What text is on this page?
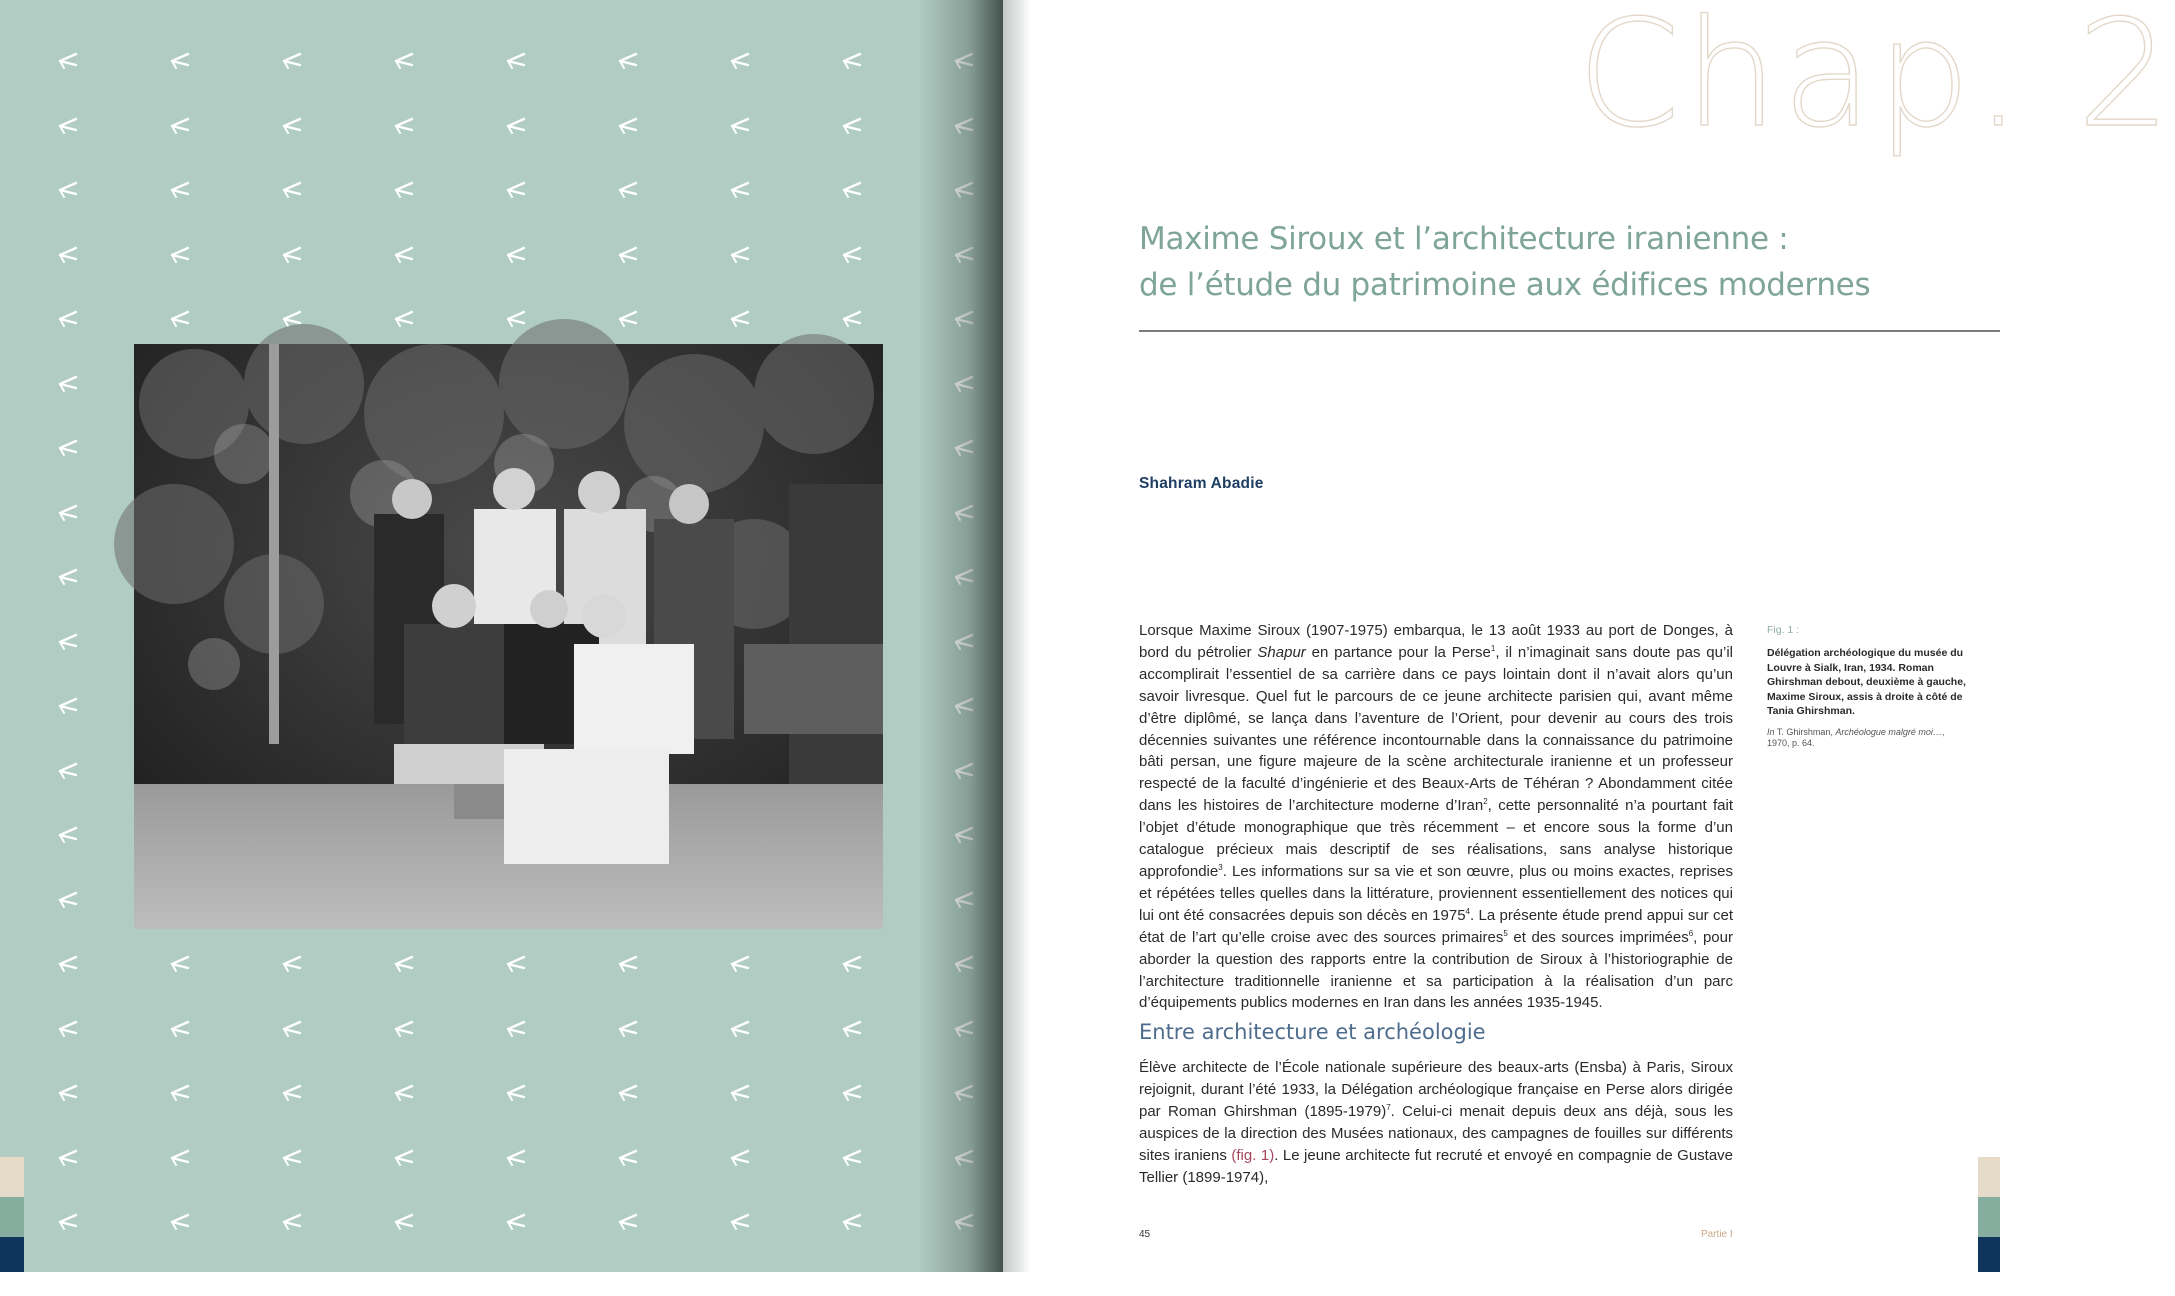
Chap. 2
Maxime Siroux et l’architecture iranienne :
de l’étude du patrimoine aux édifices modernes
Shahram Abadie

Lorsque Maxime Siroux (1907-1975) embarqua, le 13 août 1933 au port de Donges, à bord du pétrolier Shapur en partance pour la Perse$^1$, il n’imaginait sans doute pas qu’il accomplirait l’essentiel de sa carrière dans ce pays lointain dont il n’avait alors qu’un savoir livresque. Quel fut le parcours de ce jeune architecte parisien qui, avant même d’être diplômé, se lança dans l’aventure de l’Orient, pour devenir au cours des trois décennies suivantes une référence incontournable dans la connaissance du patrimoine bâti persan, une figure majeure de la scène architecturale iranienne et un professeur respecté de la faculté d’ingénierie et des Beaux-Arts de Téhéran ? Abondamment citée dans les histoires de l’architecture moderne d’Iran$^2$, cette personnalité n’a pourtant fait l’objet d’étude monographique que très récemment – et encore sous la forme d’un catalogue précieux mais descriptif de ses réalisations, sans analyse historique approfondie$^3$. Les informations sur sa vie et son œuvre, plus ou moins exactes, reprises et répétées telles quelles dans la littérature, proviennent essentiellement des notices qui lui ont été consacrées depuis son décès en 1975$^4$. La présente étude prend appui sur cet état de l’art qu’elle croise avec des sources primaires$^5$ et des sources imprimées$^6$, pour aborder la question des rapports entre la contribution de Siroux à l’historiographie de l’architecture traditionnelle iranienne et sa participation à la réalisation d’un parc d’équipements publics modernes en Iran dans les années 1935-1945.

Entre architecture et archéologie

Élève architecte de l’École nationale supérieure des beaux-arts (Ensba) à Paris, Siroux rejoignit, durant l’été 1933, la Délégation archéologique française en Perse alors dirigée par Roman Ghirshman (1895-1979)$^7$. Celui-ci menait depuis deux ans déjà, sous les auspices de la direction des Musées nationaux, des campagnes de fouilles sur différents sites iraniens (fig. 1). Le jeune architecte fut recruté et envoyé en compagnie de Gustave Tellier (1899-1974),

Fig. 1 :
Délégation archéologique du musée du Louvre à Sialk, Iran, 1934. Roman Ghirshman debout, deuxième à gauche, Maxime Siroux, assis à droite à côté de Tania Ghirshman.
In T. Ghirshman, Archéologue malgré moi…, 1970, p. 64.
45	Partie I
